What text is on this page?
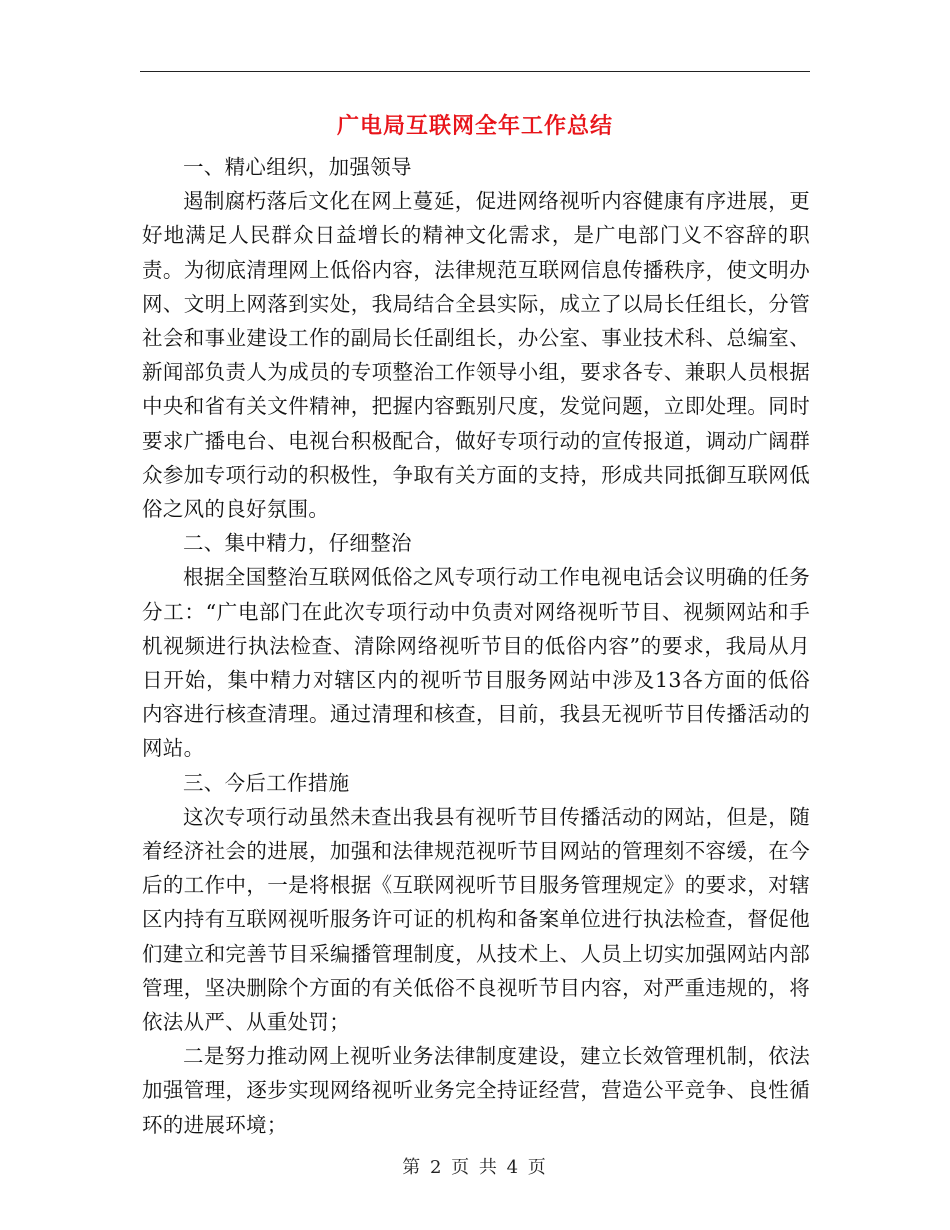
广电局互联网全年工作总结

一、精心组织，加强领导

遏制腐朽落后文化在网上蔓延，促进网络视听内容健康有序进展，更好地满足人民群众日益增长的精神文化需求，是广电部门义不容辞的职责。为彻底清理网上低俗内容，法律规范互联网信息传播秩序，使文明办网、文明上网落到实处，我局结合全县实际，成立了以局长任组长，分管社会和事业建设工作的副局长任副组长，办公室、事业技术科、总编室、新闻部负责人为成员的专项整治工作领导小组，要求各专、兼职人员根据中央和省有关文件精神，把握内容甄别尺度，发觉问题，立即处理。同时要求广播电台、电视台积极配合，做好专项行动的宣传报道，调动广阔群众参加专项行动的积极性，争取有关方面的支持，形成共同抵御互联网低俗之风的良好氛围。

二、集中精力，仔细整治

根据全国整治互联网低俗之风专项行动工作电视电话会议明确的任务分工：“广电部门在此次专项行动中负责对网络视听节目、视频网站和手机视频进行执法检查、清除网络视听节目的低俗内容”的要求，我局从月日开始，集中精力对辖区内的视听节目服务网站中涉及13各方面的低俗内容进行核查清理。通过清理和核查，目前，我县无视听节目传播活动的网站。

三、今后工作措施

这次专项行动虽然未查出我县有视听节目传播活动的网站，但是，随着经济社会的进展，加强和法律规范视听节目网站的管理刻不容缓，在今后的工作中，一是将根据《互联网视听节目服务管理规定》的要求，对辖区内持有互联网视听服务许可证的机构和备案单位进行执法检查，督促他们建立和完善节目采编播管理制度，从技术上、人员上切实加强网站内部管理，坚决删除个方面的有关低俗不良视听节目内容，对严重违规的，将依法从严、从重处罚；

二是努力推动网上视听业务法律制度建设，建立长效管理机制，依法加强管理，逐步实现网络视听业务完全持证经营，营造公平竞争、良性循环的进展环境；

第 2 页 共 4 页
